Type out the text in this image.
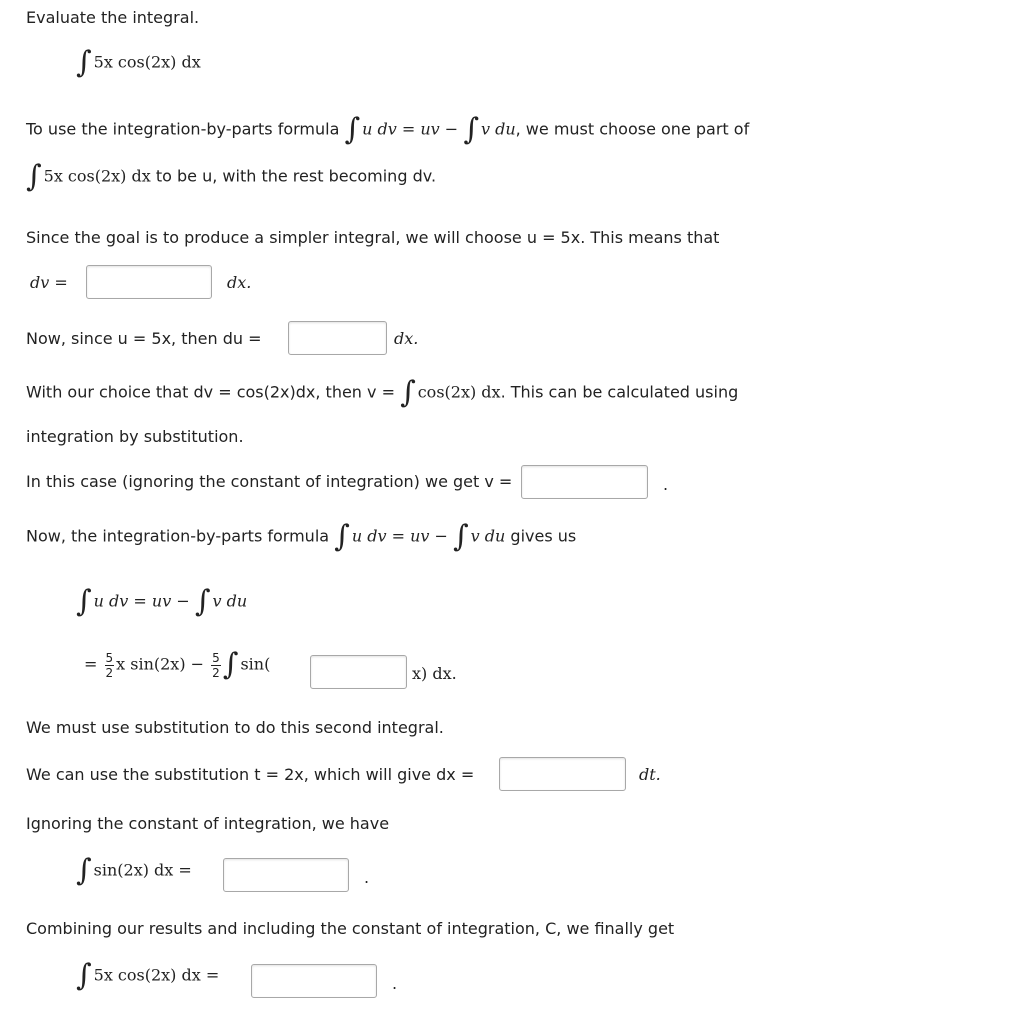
Evaluate the integral.
∫ 5x cos(2x) dx
To use the integration-by-parts formula ∫ u dv = uv − ∫ v du, we must choose one part of
∫ 5x cos(2x) dx to be u, with the rest becoming dv.
Since the goal is to produce a simpler integral, we will choose u = 5x. This means that
dv =	dx.
Now, since u = 5x, then du =	dx.
With our choice that dv = cos(2x)dx, then v = ∫ cos(2x) dx. This can be calculated using
integration by substitution.
In this case (ignoring the constant of integration) we get v =	.
Now, the integration-by-parts formula ∫ u dv = uv − ∫ v du gives us
∫ u dv = uv − ∫ v du
= $\frac{5}{2}$ x $\sin(2x) - \frac{5}{2}$ ∫ sin(	x) dx.
We must use substitution to do this second integral.
We can use the substitution t = 2x, which will give dx =	dt.
Ignoring the constant of integration, we have
∫ sin(2x) dx =	.
Combining our results and including the constant of integration, C, we finally get
∫ 5x cos(2x) dx =	.
